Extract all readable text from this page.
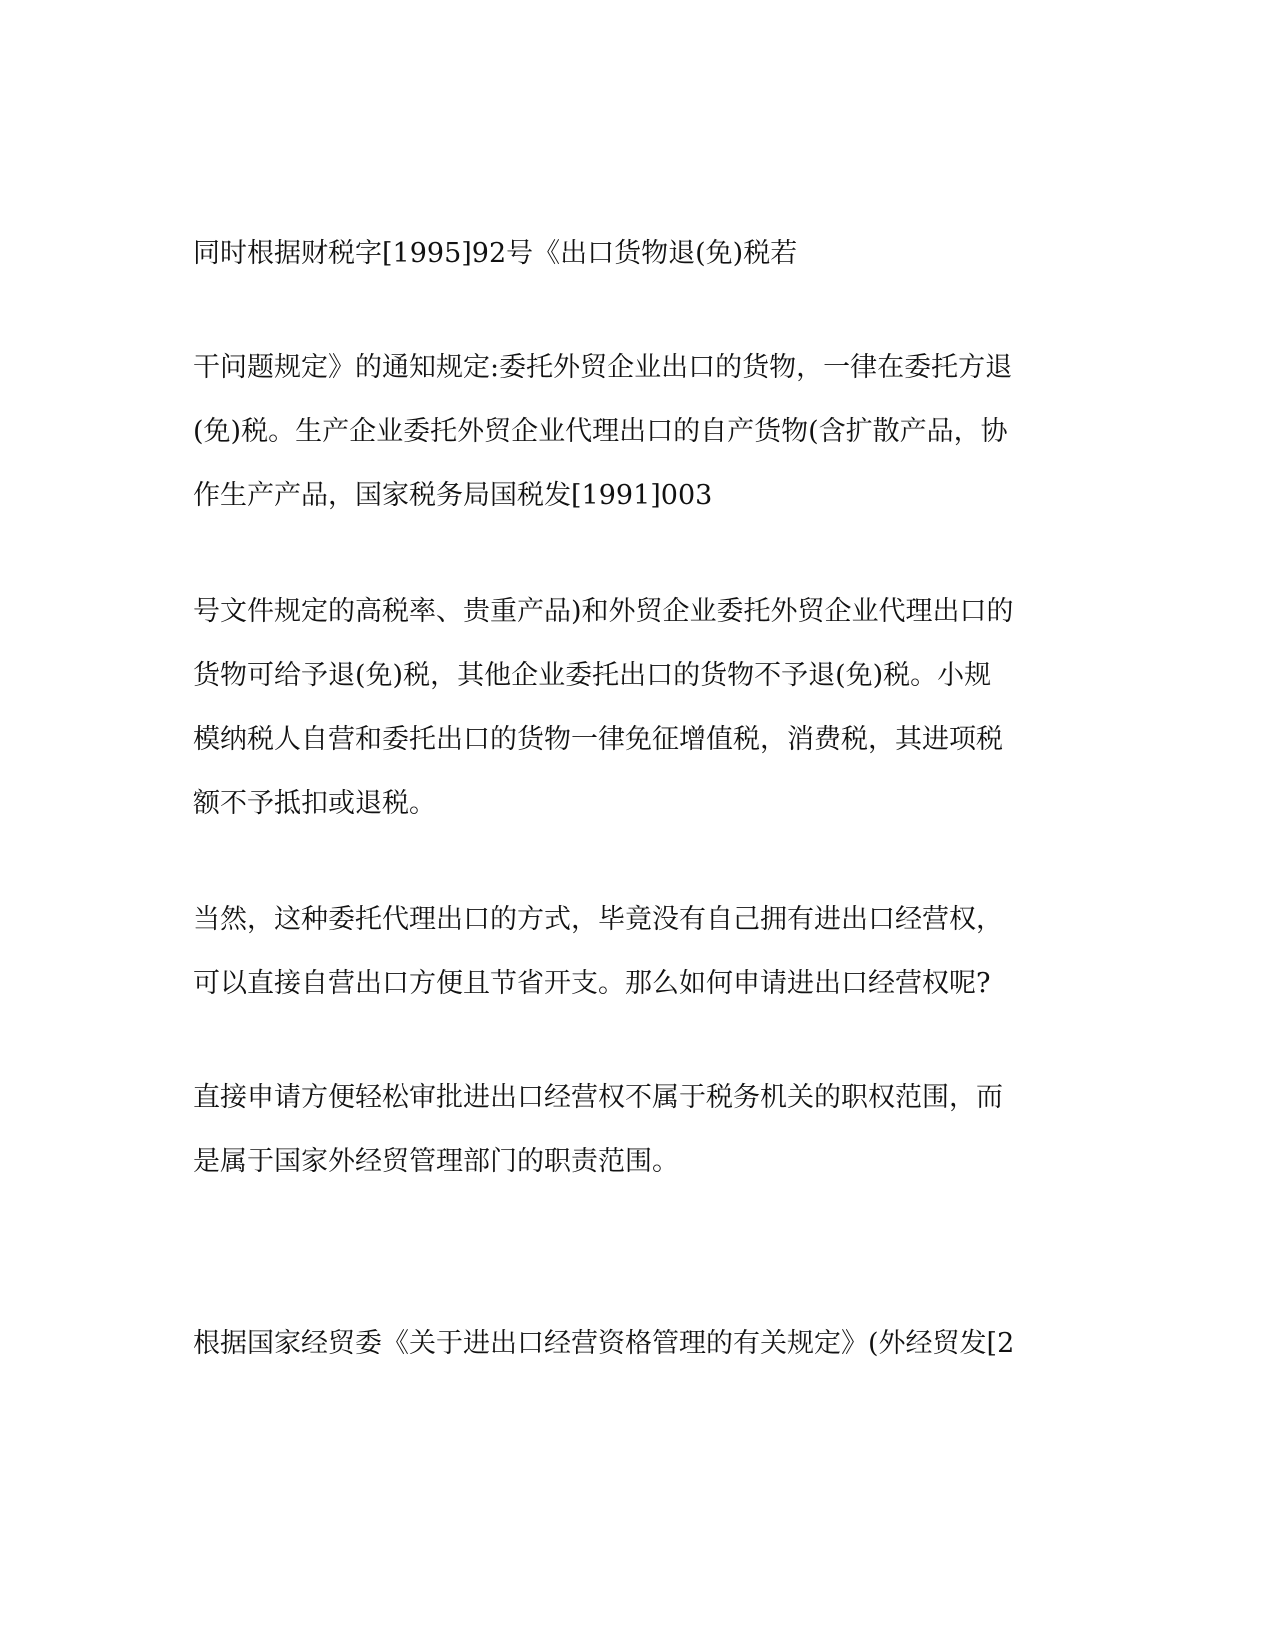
同时根据财税字[1995]92号《出口货物退(免)税若
干问题规定》的通知规定:委托外贸企业出口的货物，一律在委托方退
(免)税。生产企业委托外贸企业代理出口的自产货物(含扩散产品，协
作生产产品，国家税务局国税发[1991]003
号文件规定的高税率、贵重产品)和外贸企业委托外贸企业代理出口的
货物可给予退(免)税，其他企业委托出口的货物不予退(免)税。小规
模纳税人自营和委托出口的货物一律免征增值税，消费税，其进项税
额不予抵扣或退税。
当然，这种委托代理出口的方式，毕竟没有自己拥有进出口经营权，
可以直接自营出口方便且节省开支。那么如何申请进出口经营权呢?
直接申请方便轻松审批进出口经营权不属于税务机关的职权范围，而
是属于国家外经贸管理部门的职责范围。
根据国家经贸委《关于进出口经营资格管理的有关规定》(外经贸发[2
